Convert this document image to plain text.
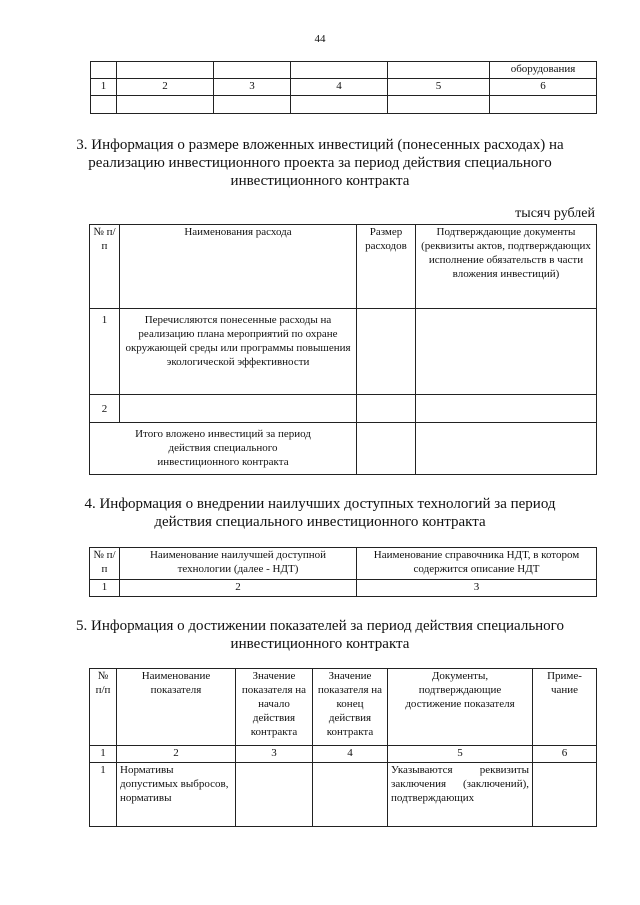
44
					оборудования
1	2	3	4	5	6

3. Информация о размере вложенных инвестиций (понесенных расходах) на реализацию инвестиционного проекта за период действия специального инвестиционного контракта
тысяч рублей
№ п/п	Наименования расхода	Размер расходов	Подтверждающие документы (реквизиты актов, подтверждающих исполнение обязательств в части вложения инвестиций)
1	Перечисляются понесенные расходы на реализацию плана мероприятий по охране окружающей среды или программы повышения экологической эффективности		
2			
Итого вложено инвестиций за период действия специального инвестиционного контракта			
4. Информация о внедрении наилучших доступных технологий за период действия специального инвестиционного контракта
№ п/п	Наименование наилучшей доступной технологии (далее - НДТ)	Наименование справочника НДТ, в котором содержится описание НДТ
1	2	3
5. Информация о достижении показателей за период действия специального инвестиционного контракта
№ п/п	Наименование показателя	Значение показателя на начало действия контракта	Значение показателя на конец действия контракта	Документы, подтверждающие достижение показателя	Приме-чание
1	2	3	4	5	6
1	Нормативы допустимых выбросов, нормативы			Указываются реквизиты заключения (заключений), подтверждающих	
